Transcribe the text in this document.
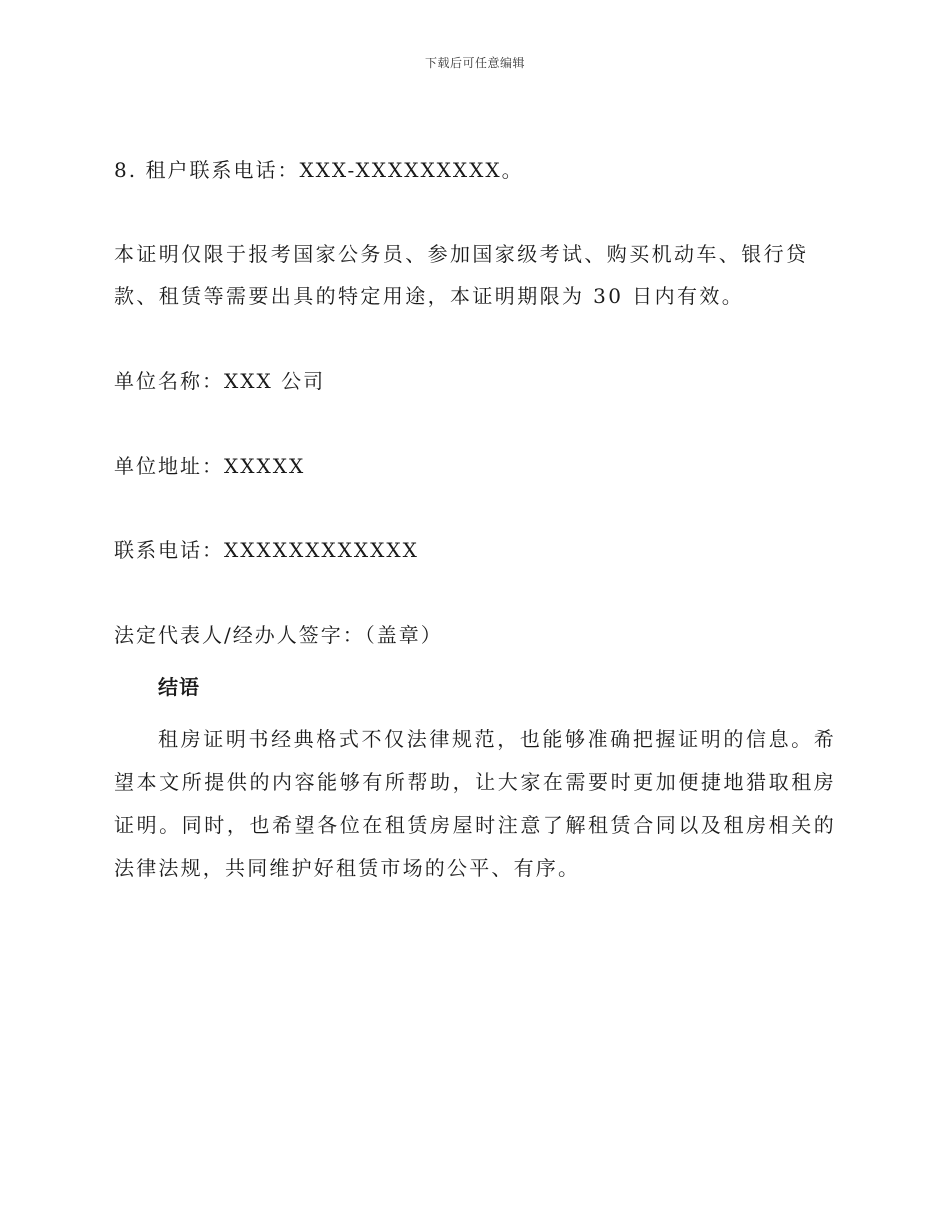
下载后可任意编辑
8. 租户联系电话：XXX-XXXXXXXXX。
本证明仅限于报考国家公务员、参加国家级考试、购买机动车、银行贷款、租赁等需要出具的特定用途，本证明期限为 30 日内有效。
单位名称：XXX 公司
单位地址：XXXXX
联系电话：XXXXXXXXXXXX
法定代表人/经办人签字：（盖章）
结语
租房证明书经典格式不仅法律规范，也能够准确把握证明的信息。希望本文所提供的内容能够有所帮助，让大家在需要时更加便捷地猎取租房证明。同时，也希望各位在租赁房屋时注意了解租赁合同以及租房相关的法律法规，共同维护好租赁市场的公平、有序。
